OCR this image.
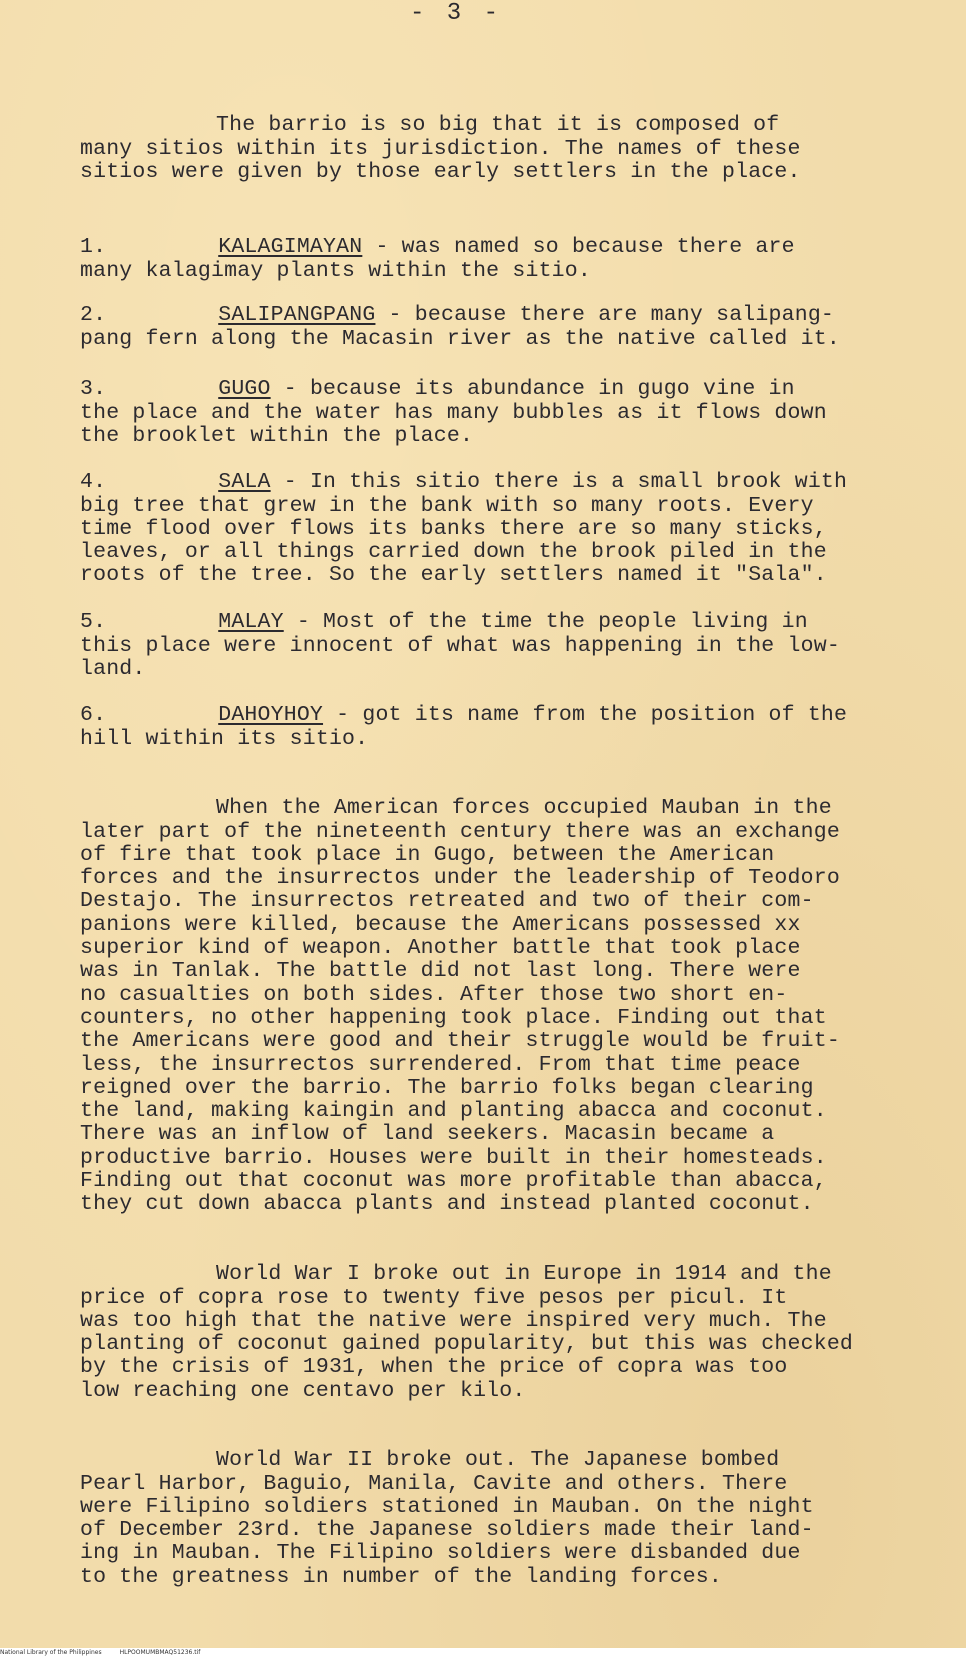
- 3 -

The barrio is so big that it is composed of
many sitios within its jurisdiction. The names of these
sitios were given by those early settlers in the place.

1.	KALAGIMAYAN - was named so because there are
many kalagimay plants within the sitio.

2.	SALIPANGPANG - because there are many salipang-
pang fern along the Macasin river as the native called it.

3.	GUGO - because its abundance in gugo vine in
the place and the water has many bubbles as it flows down
the brooklet within the place.

4.	SALA - In this sitio there is a small brook with
big tree that grew in the bank with so many roots. Every
time flood over flows its banks there are so many sticks,
leaves, or all things carried down the brook piled in the
roots of the tree. So the early settlers named it "Sala".

5.	MALAY - Most of the time the people living in
this place were innocent of what was happening in the low-
land.

6.	DAHOYHOY - got its name from the position of the
hill within its sitio.

When the American forces occupied Mauban in the
later part of the nineteenth century there was an exchange
of fire that took place in Gugo, between the American
forces and the insurrectos under the leadership of Teodoro
Destajo. The insurrectos retreated and two of their com-
panions were killed, because the Americans possessed xx
superior kind of weapon. Another battle that took place
was in Tanlak. The battle did not last long. There were
no casualties on both sides. After those two short en-
counters, no other happening took place. Finding out that
the Americans were good and their struggle would be fruit-
less, the insurrectos surrendered. From that time peace
reigned over the barrio. The barrio folks began clearing
the land, making kaingin and planting abacca and coconut.
There was an inflow of land seekers. Macasin became a
productive barrio. Houses were built in their homesteads.
Finding out that coconut was more profitable than abacca,
they cut down abacca plants and instead planted coconut.

World War I broke out in Europe in 1914 and the
price of copra rose to twenty five pesos per picul. It
was too high that the native were inspired very much. The
planting of coconut gained popularity, but this was checked
by the crisis of 1931, when the price of copra was too
low reaching one centavo per kilo.

World War II broke out. The Japanese bombed
Pearl Harbor, Baguio, Manila, Cavite and others. There
were Filipino soldiers stationed in Mauban. On the night
of December 23rd. the Japanese soldiers made their land-
ing in Mauban. The Filipino soldiers were disbanded due
to the greatness in number of the landing forces.
National Library of the Philippines	HLPOOMUMBMAQ51236.tif
